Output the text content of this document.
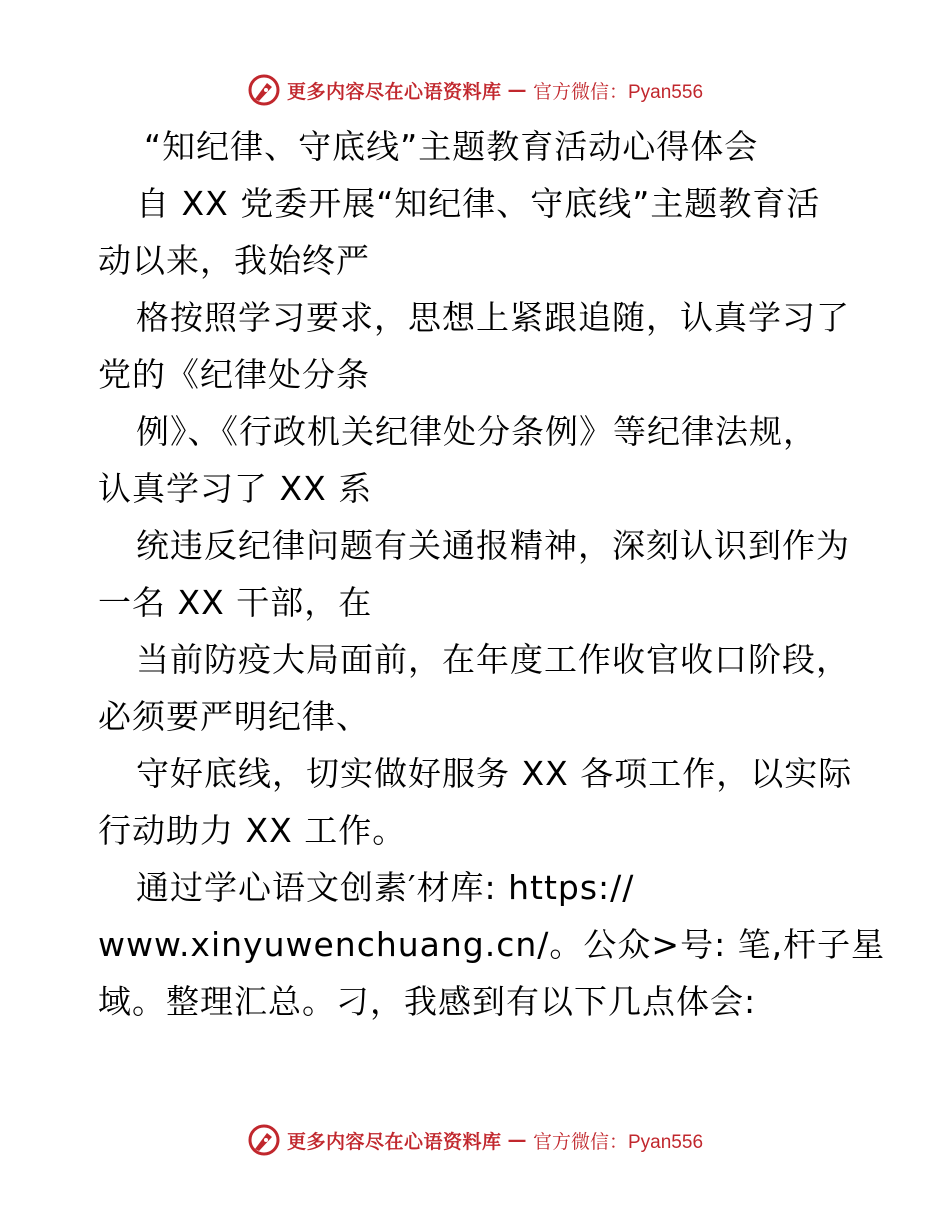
更多内容尽在心语资料库 — 官方微信：Pyan556
“知纪律、守底线”主题教育活动心得体会
自 XX 党委开展“知纪律、守底线”主题教育活
动以来，我始终严
格按照学习要求，思想上紧跟追随，认真学习了
党的《纪律处分条
例》、《行政机关纪律处分条例》等纪律法规，
认真学习了 XX 系
统违反纪律问题有关通报精神，深刻认识到作为
一名 XX 干部，在
当前防疫大局面前，在年度工作收官收口阶段，
必须要严明纪律、
守好底线，切实做好服务 XX 各项工作，以实际
行动助力 XX 工作。
通过学心语文创素′材库: https://
www.xinyuwenchuang.cn/。公众>号: 笔,杆子星
域。整理汇总。刁，我感到有以下几点体会:
更多内容尽在心语资料库 — 官方微信：Pyan556
